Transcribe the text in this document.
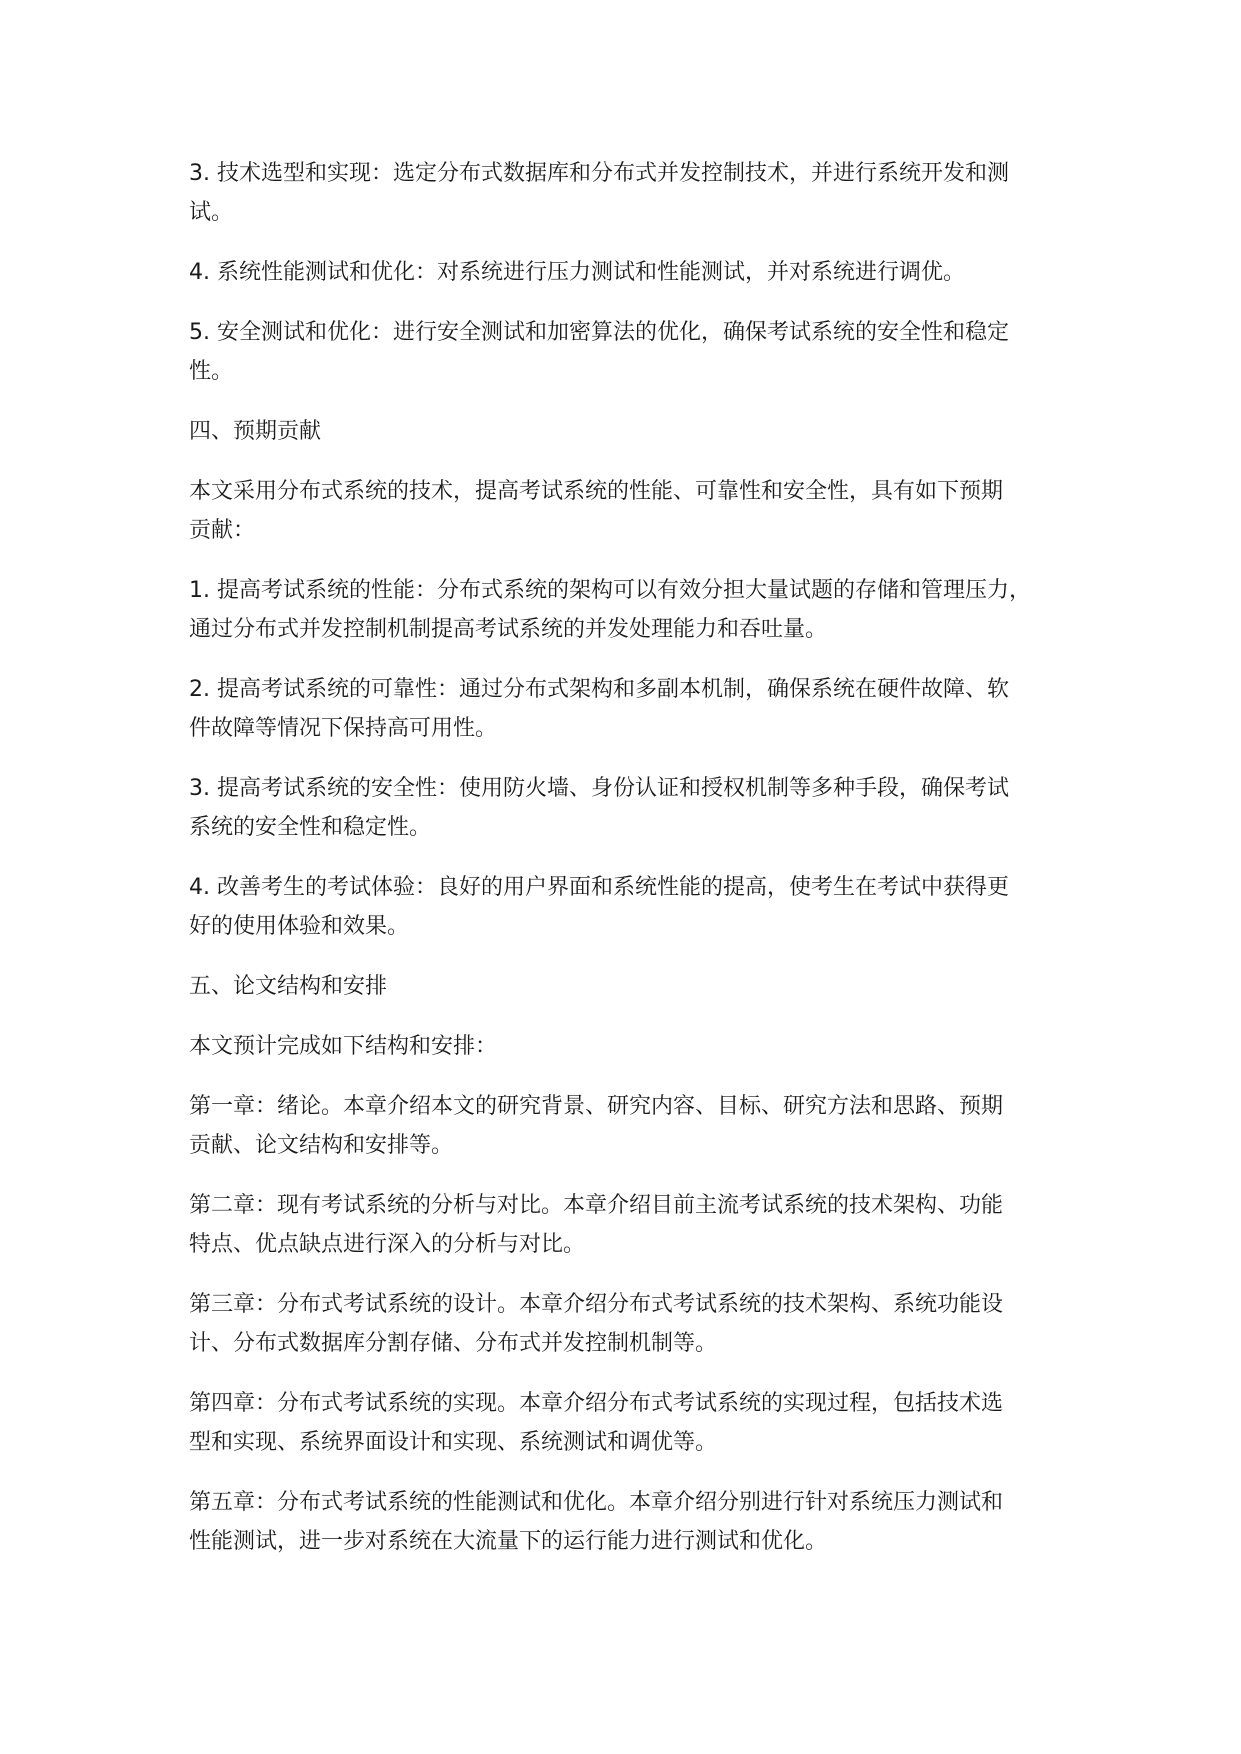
3. 技术选型和实现：选定分布式数据库和分布式并发控制技术，并进行系统开发和测
试。
4. 系统性能测试和优化：对系统进行压力测试和性能测试，并对系统进行调优。
5. 安全测试和优化：进行安全测试和加密算法的优化，确保考试系统的安全性和稳定
性。
四、预期贡献
本文采用分布式系统的技术，提高考试系统的性能、可靠性和安全性，具有如下预期
贡献：
1. 提高考试系统的性能：分布式系统的架构可以有效分担大量试题的存储和管理压力，
通过分布式并发控制机制提高考试系统的并发处理能力和吞吐量。
2. 提高考试系统的可靠性：通过分布式架构和多副本机制，确保系统在硬件故障、软
件故障等情况下保持高可用性。
3. 提高考试系统的安全性：使用防火墙、身份认证和授权机制等多种手段，确保考试
系统的安全性和稳定性。
4. 改善考生的考试体验：良好的用户界面和系统性能的提高，使考生在考试中获得更
好的使用体验和效果。
五、论文结构和安排
本文预计完成如下结构和安排：
第一章：绪论。本章介绍本文的研究背景、研究内容、目标、研究方法和思路、预期
贡献、论文结构和安排等。
第二章：现有考试系统的分析与对比。本章介绍目前主流考试系统的技术架构、功能
特点、优点缺点进行深入的分析与对比。
第三章：分布式考试系统的设计。本章介绍分布式考试系统的技术架构、系统功能设
计、分布式数据库分割存储、分布式并发控制机制等。
第四章：分布式考试系统的实现。本章介绍分布式考试系统的实现过程，包括技术选
型和实现、系统界面设计和实现、系统测试和调优等。
第五章：分布式考试系统的性能测试和优化。本章介绍分别进行针对系统压力测试和
性能测试，进一步对系统在大流量下的运行能力进行测试和优化。
